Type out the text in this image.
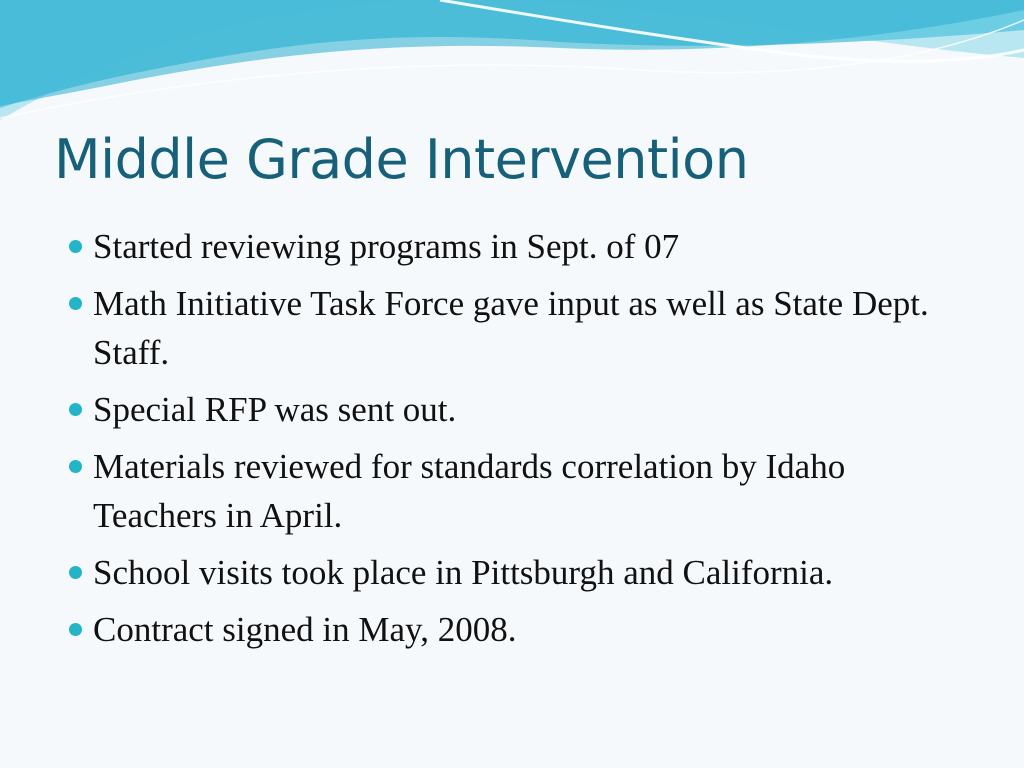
Middle Grade Intervention
Started reviewing programs in Sept. of 07
Math Initiative Task Force gave input as well as State Dept. Staff.
Special RFP was sent out.
Materials reviewed for standards correlation by Idaho Teachers in April.
School visits took place in Pittsburgh and California.
Contract signed in May, 2008.
